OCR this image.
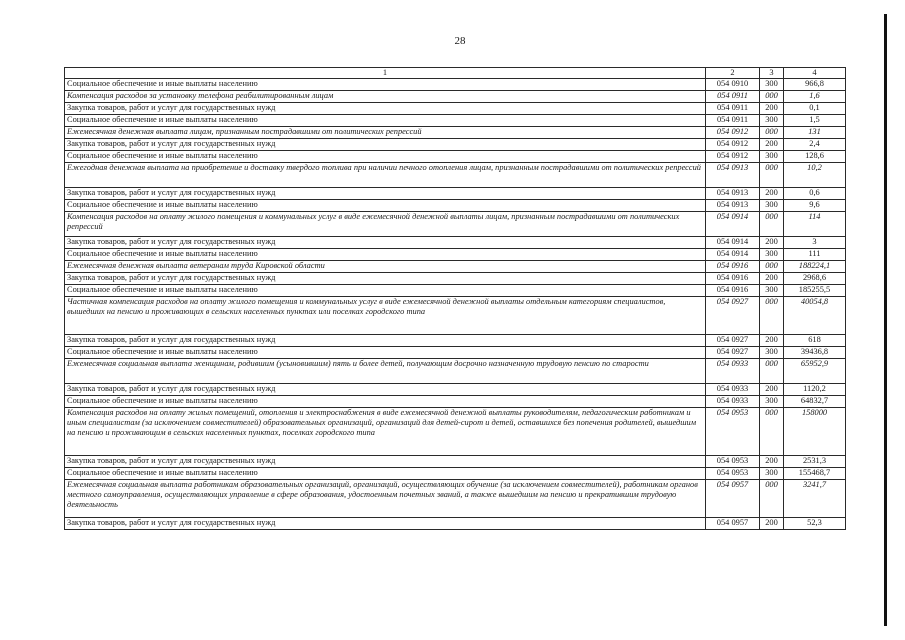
28
1	2	3	4
Социальное обеспечение и иные выплаты населению	054 0910	300	966,8
Компенсация расходов за установку телефона реабилитированным лицам	054 0911	000	1,6
Закупка товаров, работ и услуг для государственных нужд	054 0911	200	0,1
Социальное обеспечение и иные выплаты населению	054 0911	300	1,5
Ежемесячная денежная выплата лицам, признанным пострадавшими от политических репрессий	054 0912	000	131
Закупка товаров, работ и услуг для государственных нужд	054 0912	200	2,4
Социальное обеспечение и иные выплаты населению	054 0912	300	128,6
Ежегодная денежная выплата на приобретение и доставку твердого топлива при наличии печного отопления лицам, признанным пострадавшими от политических репрессий	054 0913	000	10,2
Закупка товаров, работ и услуг для государственных нужд	054 0913	200	0,6
Социальное обеспечение и иные выплаты населению	054 0913	300	9,6
Компенсация расходов на оплату жилого помещения и коммунальных услуг в виде ежемесячной денежной выплаты лицам, признанным пострадавшими от политических репрессий	054 0914	000	114
Закупка товаров, работ и услуг для государственных нужд	054 0914	200	3
Социальное обеспечение и иные выплаты населению	054 0914	300	111
Ежемесячная денежная выплата ветеранам труда Кировской области	054 0916	000	188224,1
Закупка товаров, работ и услуг для государственных нужд	054 0916	200	2968,6
Социальное обеспечение и иные выплаты населению	054 0916	300	185255,5
Частичная компенсация расходов на оплату жилого помещения и коммунальных услуг в виде ежемесячной денежной выплаты отдельным категориям специалистов, вышедших на пенсию и проживающих в сельских населенных пунктах или поселках городского типа	054 0927	000	40054,8
Закупка товаров, работ и услуг для государственных нужд	054 0927	200	618
Социальное обеспечение и иные выплаты населению	054 0927	300	39436,8
Ежемесячная социальная выплата женщинам, родившим (усыновившим) пять и более детей, получающим досрочно назначенную трудовую пенсию по старости	054 0933	000	65952,9
Закупка товаров, работ и услуг для государственных нужд	054 0933	200	1120,2
Социальное обеспечение и иные выплаты населению	054 0933	300	64832,7
Компенсация расходов на оплату жилых помещений, отопления и электроснабжения в виде ежемесячной денежной выплаты руководителям, педагогическим работникам и иным специалистам (за исключением совместителей) образовательных организаций, организаций для детей-сирот и детей, оставшихся без попечения родителей, вышедшим на пенсию и проживающим в сельских населенных пунктах, поселках городского типа	054 0953	000	158000
Закупка товаров, работ и услуг для государственных нужд	054 0953	200	2531,3
Социальное обеспечение и иные выплаты населению	054 0953	300	155468,7
Ежемесячная социальная выплата работникам образовательных организаций, организаций, осуществляющих обучение (за исключением совместителей), работникам органов местного самоуправления, осуществляющих управление в сфере образования, удостоенным почетных званий, а также вышедшим на пенсию и прекратившим трудовую деятельность	054 0957	000	3241,7
Закупка товаров, работ и услуг для государственных нужд	054 0957	200	52,3
